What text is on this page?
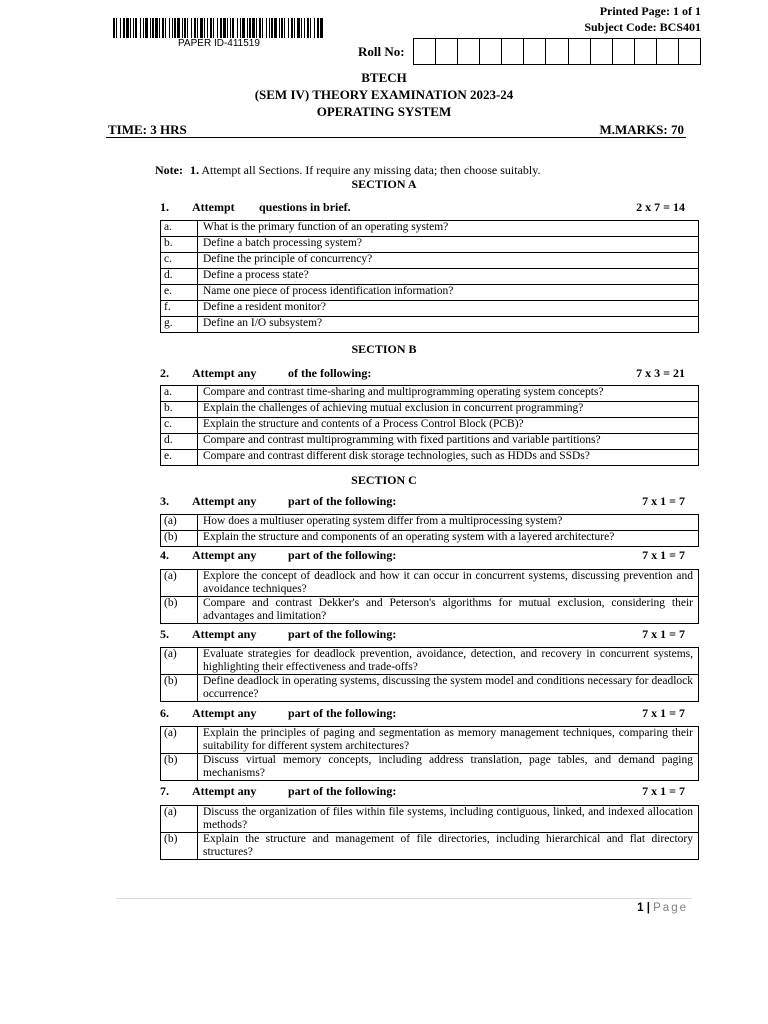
PAPER ID-411519
Printed Page: 1 of 1
Subject Code: BCS401
Roll No:
BTECH
(SEM IV) THEORY EXAMINATION 2023-24
OPERATING SYSTEM
TIME: 3 HRS	M.MARKS: 70
Note: 1. Attempt all Sections. If require any missing data; then choose suitably.
SECTION A
1. Attempt questions in brief.	2 x 7 = 14
a.	What is the primary function of an operating system?
b.	Define a batch processing system?
c.	Define the principle of concurrency?
d.	Define a process state?
e.	Name one piece of process identification information?
f.	Define a resident monitor?
g.	Define an I/O subsystem?
SECTION B
2. Attempt any	of the following:	7 x 3 = 21
a.	Compare and contrast time-sharing and multiprogramming operating system concepts?
b.	Explain the challenges of achieving mutual exclusion in concurrent programming?
c.	Explain the structure and contents of a Process Control Block (PCB)?
d.	Compare and contrast multiprogramming with fixed partitions and variable partitions?
e.	Compare and contrast different disk storage technologies, such as HDDs and SSDs?
SECTION C
3. Attempt any	part of the following:	7 x 1 = 7
(a)	How does a multiuser operating system differ from a multiprocessing system?
(b)	Explain the structure and components of an operating system with a layered architecture?
4. Attempt any	part of the following:	7 x 1 = 7
(a)	Explore the concept of deadlock and how it can occur in concurrent systems, discussing prevention and avoidance techniques?
(b)	Compare and contrast Dekker's and Peterson's algorithms for mutual exclusion, considering their advantages and limitation?
5. Attempt any	part of the following:	7 x 1 = 7
(a)	Evaluate strategies for deadlock prevention, avoidance, detection, and recovery in concurrent systems, highlighting their effectiveness and trade-offs?
(b)	Define deadlock in operating systems, discussing the system model and conditions necessary for deadlock occurrence?
6. Attempt any	part of the following:	7 x 1 = 7
(a)	Explain the principles of paging and segmentation as memory management techniques, comparing their suitability for different system architectures?
(b)	Discuss virtual memory concepts, including address translation, page tables, and demand paging mechanisms?
7. Attempt any	part of the following:	7 x 1 = 7
(a)	Discuss the organization of files within file systems, including contiguous, linked, and indexed allocation methods?
(b)	Explain the structure and management of file directories, including hierarchical and flat directory structures?
1 | Page
